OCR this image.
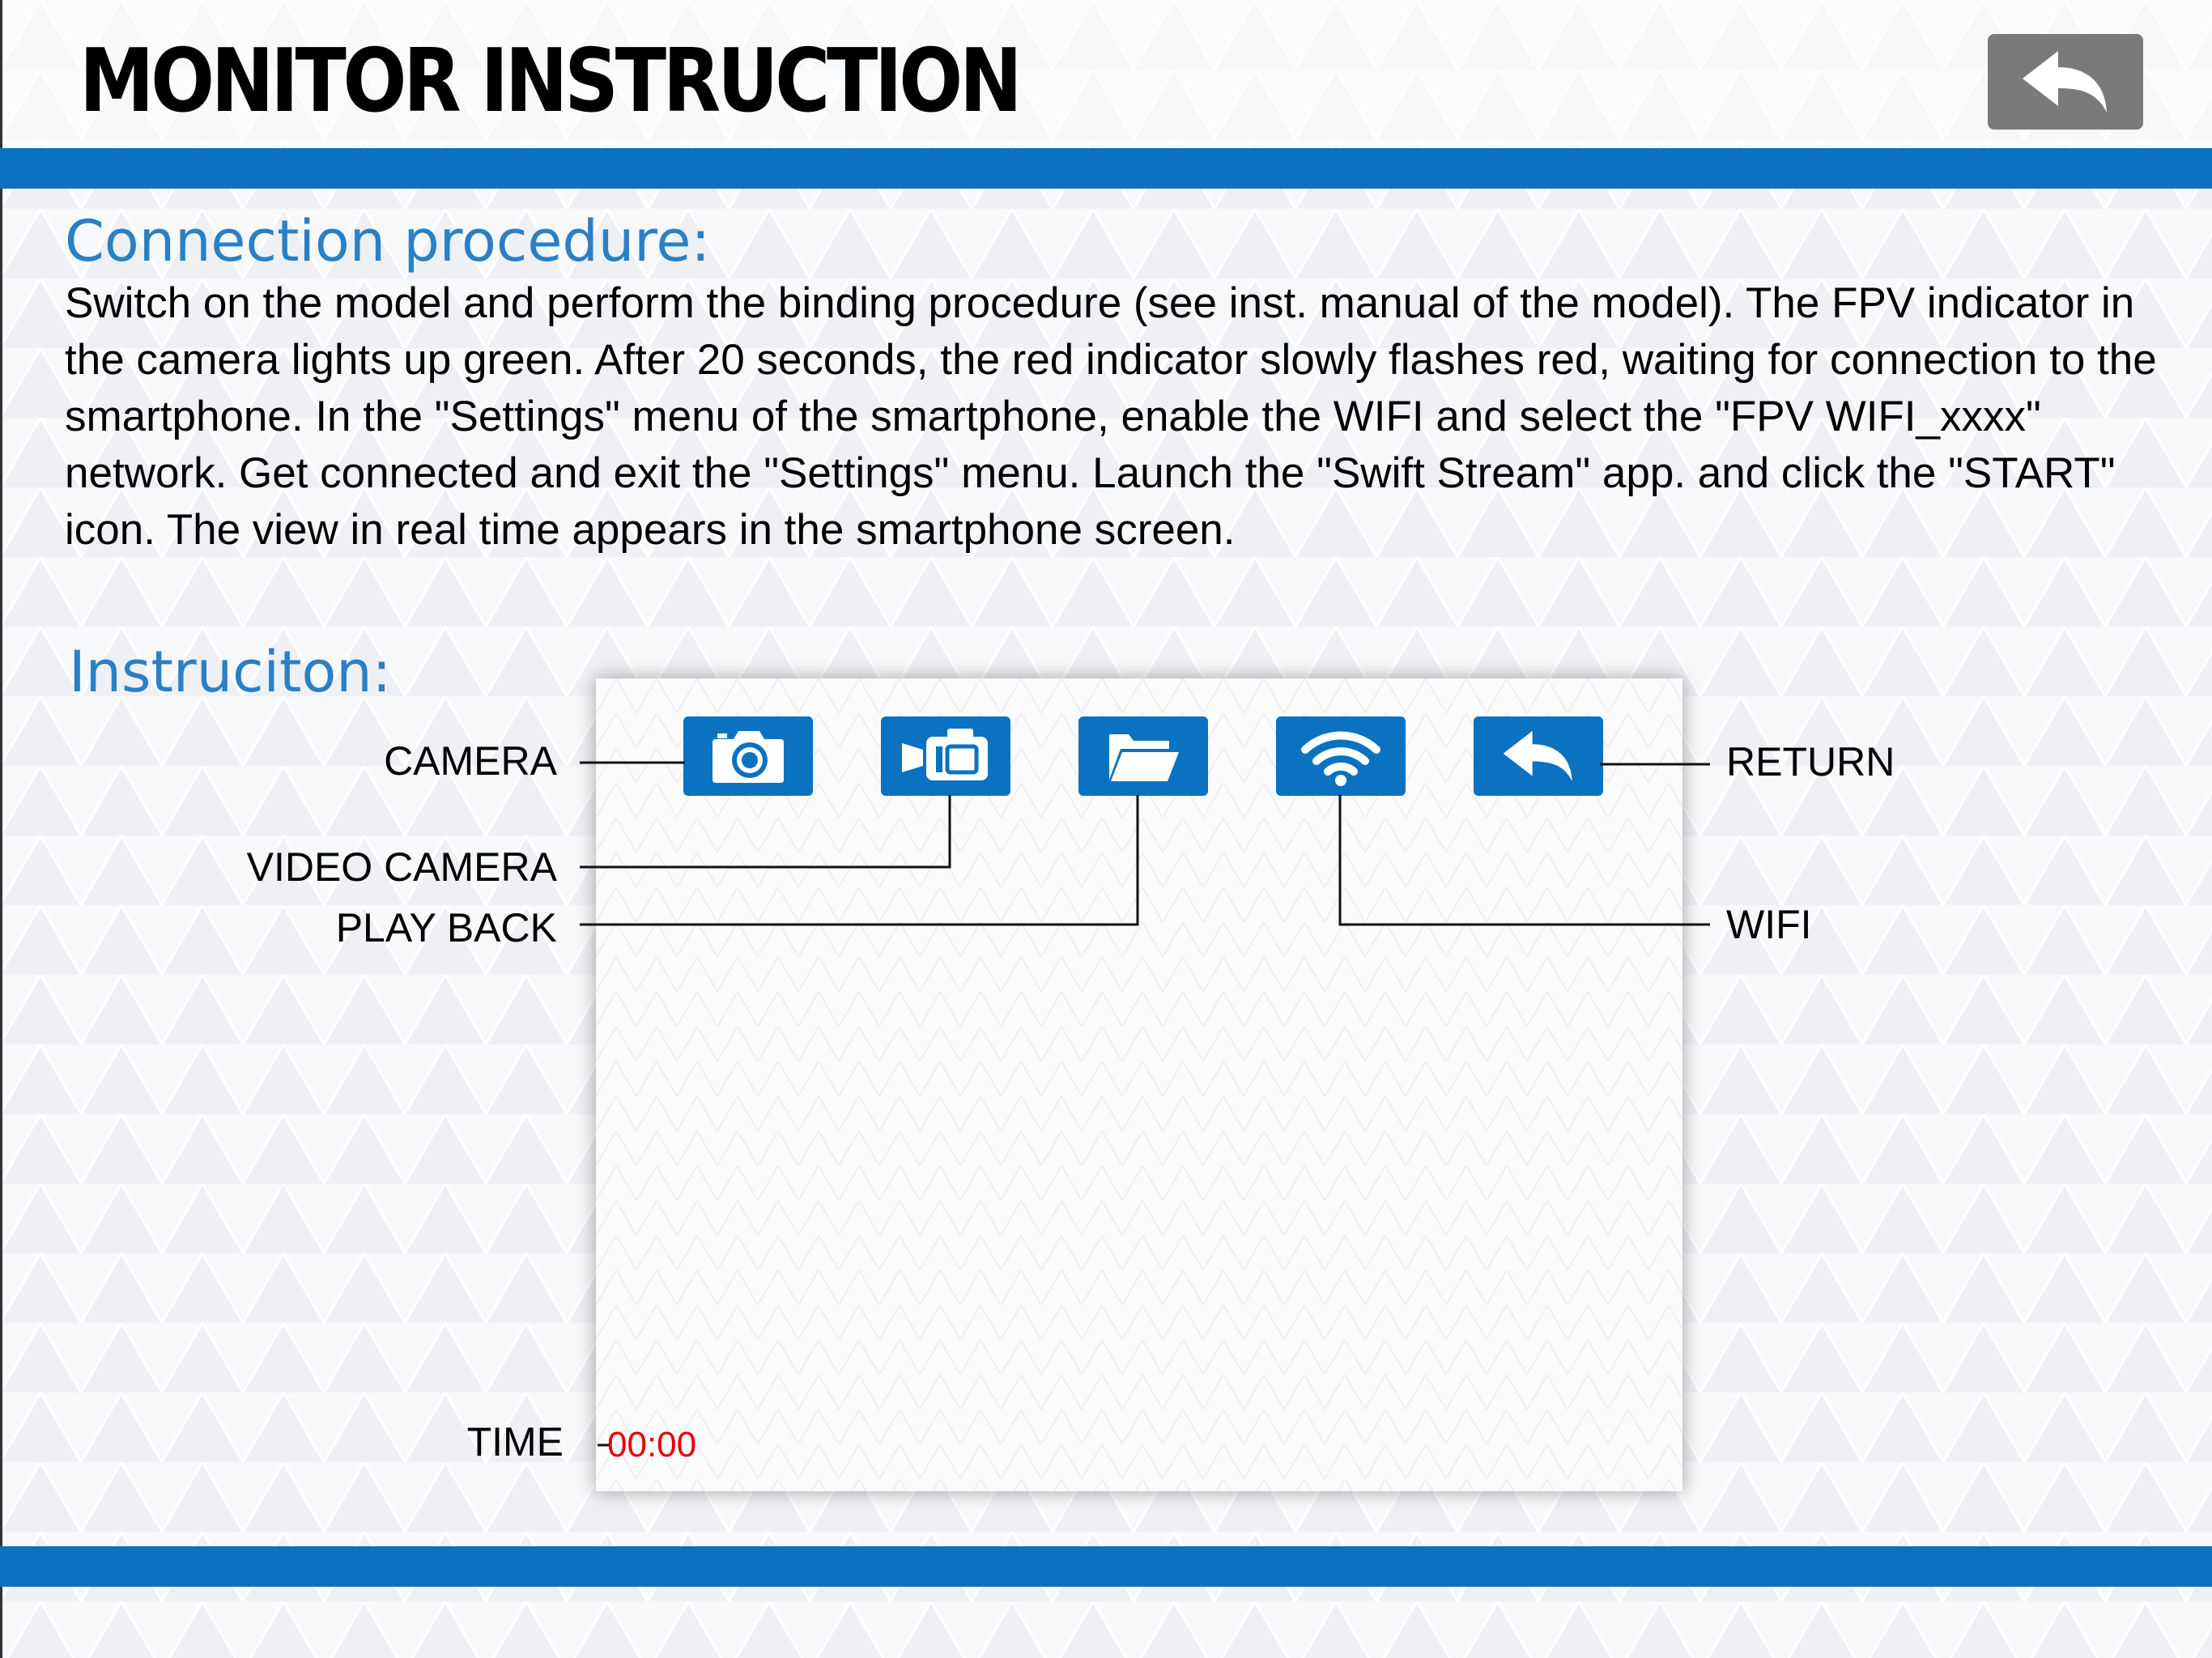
MONITOR INSTRUCTION
Connection procedure:
Switch on the model and perform the binding procedure (see inst. manual of the model). The FPV indicator in the camera lights up green. After 20 seconds, the red indicator slowly flashes red, waiting for connection to the smartphone. In the "Settings" menu of the smartphone, enable the WIFI and select the "FPV WIFI_xxxx" network. Get connected and exit the "Settings" menu. Launch the "Swift Stream" app. and click the "START" icon. The view in real time appears in the smartphone screen.
Instruciton:
00:00
CAMERA
VIDEO CAMERA
PLAY BACK
TIME
RETURN
WIFI
